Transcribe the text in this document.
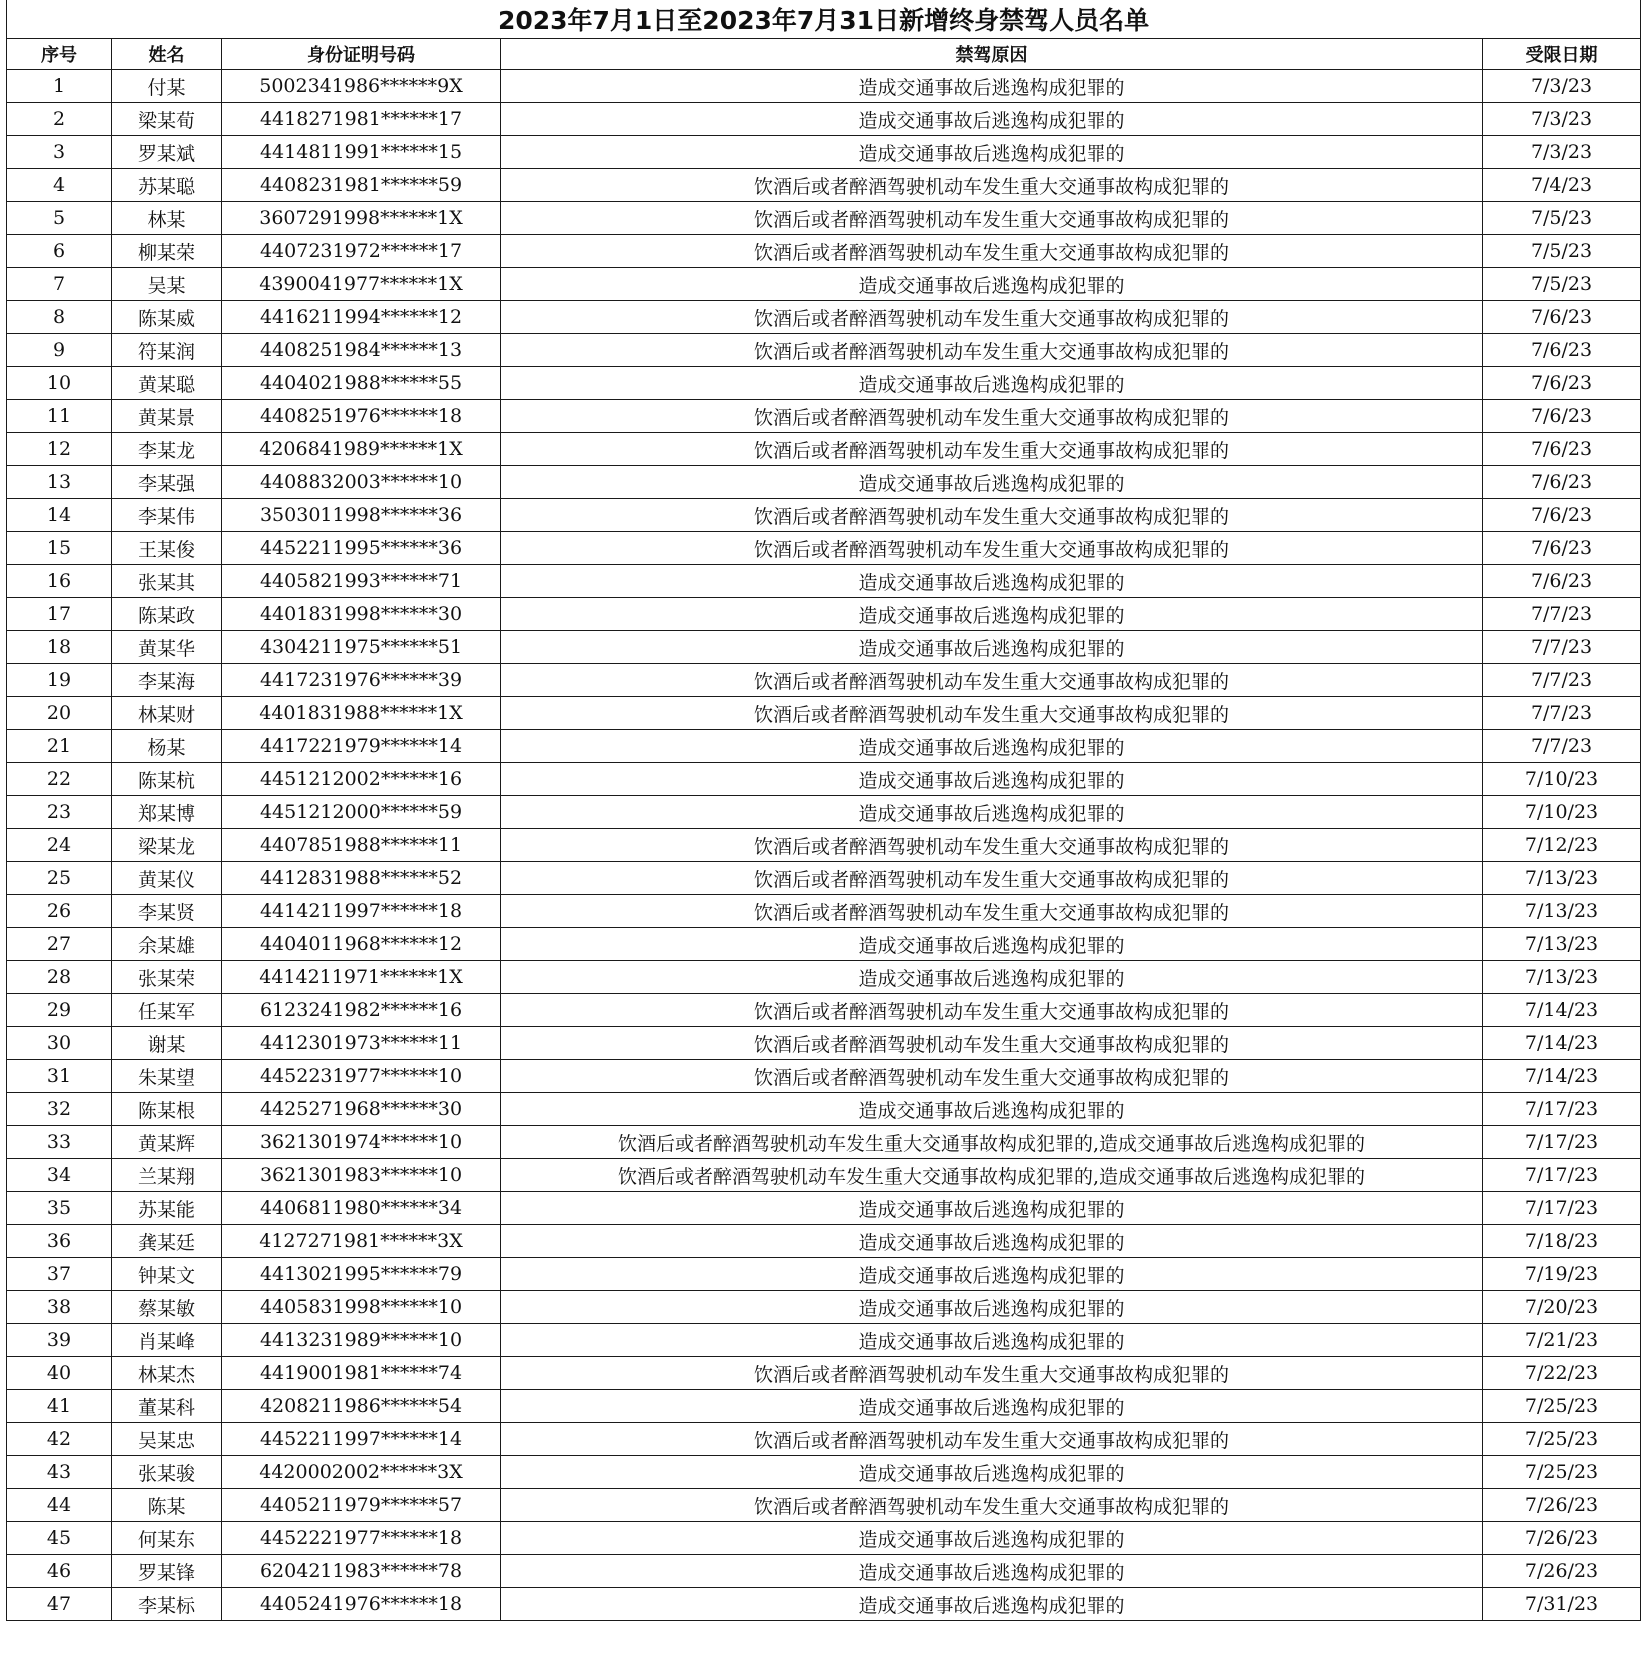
2023年7月1日至2023年7月31日新增终身禁驾人员名单				
序号	姓名	身份证明号码	禁驾原因	受限日期
1	付某	5002341986******9X	造成交通事故后逃逸构成犯罪的	7/3/23
2	梁某荀	4418271981******17	造成交通事故后逃逸构成犯罪的	7/3/23
3	罗某斌	4414811991******15	造成交通事故后逃逸构成犯罪的	7/3/23
4	苏某聪	4408231981******59	饮酒后或者醉酒驾驶机动车发生重大交通事故构成犯罪的	7/4/23
5	林某	3607291998******1X	饮酒后或者醉酒驾驶机动车发生重大交通事故构成犯罪的	7/5/23
6	柳某荣	4407231972******17	饮酒后或者醉酒驾驶机动车发生重大交通事故构成犯罪的	7/5/23
7	吴某	4390041977******1X	造成交通事故后逃逸构成犯罪的	7/5/23
8	陈某威	4416211994******12	饮酒后或者醉酒驾驶机动车发生重大交通事故构成犯罪的	7/6/23
9	符某润	4408251984******13	饮酒后或者醉酒驾驶机动车发生重大交通事故构成犯罪的	7/6/23
10	黄某聪	4404021988******55	造成交通事故后逃逸构成犯罪的	7/6/23
11	黄某景	4408251976******18	饮酒后或者醉酒驾驶机动车发生重大交通事故构成犯罪的	7/6/23
12	李某龙	4206841989******1X	饮酒后或者醉酒驾驶机动车发生重大交通事故构成犯罪的	7/6/23
13	李某强	4408832003******10	造成交通事故后逃逸构成犯罪的	7/6/23
14	李某伟	3503011998******36	饮酒后或者醉酒驾驶机动车发生重大交通事故构成犯罪的	7/6/23
15	王某俊	4452211995******36	饮酒后或者醉酒驾驶机动车发生重大交通事故构成犯罪的	7/6/23
16	张某其	4405821993******71	造成交通事故后逃逸构成犯罪的	7/6/23
17	陈某政	4401831998******30	造成交通事故后逃逸构成犯罪的	7/7/23
18	黄某华	4304211975******51	造成交通事故后逃逸构成犯罪的	7/7/23
19	李某海	4417231976******39	饮酒后或者醉酒驾驶机动车发生重大交通事故构成犯罪的	7/7/23
20	林某财	4401831988******1X	饮酒后或者醉酒驾驶机动车发生重大交通事故构成犯罪的	7/7/23
21	杨某	4417221979******14	造成交通事故后逃逸构成犯罪的	7/7/23
22	陈某杭	4451212002******16	造成交通事故后逃逸构成犯罪的	7/10/23
23	郑某博	4451212000******59	造成交通事故后逃逸构成犯罪的	7/10/23
24	梁某龙	4407851988******11	饮酒后或者醉酒驾驶机动车发生重大交通事故构成犯罪的	7/12/23
25	黄某仪	4412831988******52	饮酒后或者醉酒驾驶机动车发生重大交通事故构成犯罪的	7/13/23
26	李某贤	4414211997******18	饮酒后或者醉酒驾驶机动车发生重大交通事故构成犯罪的	7/13/23
27	余某雄	4404011968******12	造成交通事故后逃逸构成犯罪的	7/13/23
28	张某荣	4414211971******1X	造成交通事故后逃逸构成犯罪的	7/13/23
29	任某军	6123241982******16	饮酒后或者醉酒驾驶机动车发生重大交通事故构成犯罪的	7/14/23
30	谢某	4412301973******11	饮酒后或者醉酒驾驶机动车发生重大交通事故构成犯罪的	7/14/23
31	朱某望	4452231977******10	饮酒后或者醉酒驾驶机动车发生重大交通事故构成犯罪的	7/14/23
32	陈某根	4425271968******30	造成交通事故后逃逸构成犯罪的	7/17/23
33	黄某辉	3621301974******10	饮酒后或者醉酒驾驶机动车发生重大交通事故构成犯罪的,造成交通事故后逃逸构成犯罪的	7/17/23
34	兰某翔	3621301983******10	饮酒后或者醉酒驾驶机动车发生重大交通事故构成犯罪的,造成交通事故后逃逸构成犯罪的	7/17/23
35	苏某能	4406811980******34	造成交通事故后逃逸构成犯罪的	7/17/23
36	龚某廷	4127271981******3X	造成交通事故后逃逸构成犯罪的	7/18/23
37	钟某文	4413021995******79	造成交通事故后逃逸构成犯罪的	7/19/23
38	蔡某敏	4405831998******10	造成交通事故后逃逸构成犯罪的	7/20/23
39	肖某峰	4413231989******10	造成交通事故后逃逸构成犯罪的	7/21/23
40	林某杰	4419001981******74	饮酒后或者醉酒驾驶机动车发生重大交通事故构成犯罪的	7/22/23
41	董某科	4208211986******54	造成交通事故后逃逸构成犯罪的	7/25/23
42	吴某忠	4452211997******14	饮酒后或者醉酒驾驶机动车发生重大交通事故构成犯罪的	7/25/23
43	张某骏	4420002002******3X	造成交通事故后逃逸构成犯罪的	7/25/23
44	陈某	4405211979******57	饮酒后或者醉酒驾驶机动车发生重大交通事故构成犯罪的	7/26/23
45	何某东	4452221977******18	造成交通事故后逃逸构成犯罪的	7/26/23
46	罗某锋	6204211983******78	造成交通事故后逃逸构成犯罪的	7/26/23
47	李某标	4405241976******18	造成交通事故后逃逸构成犯罪的	7/31/23
